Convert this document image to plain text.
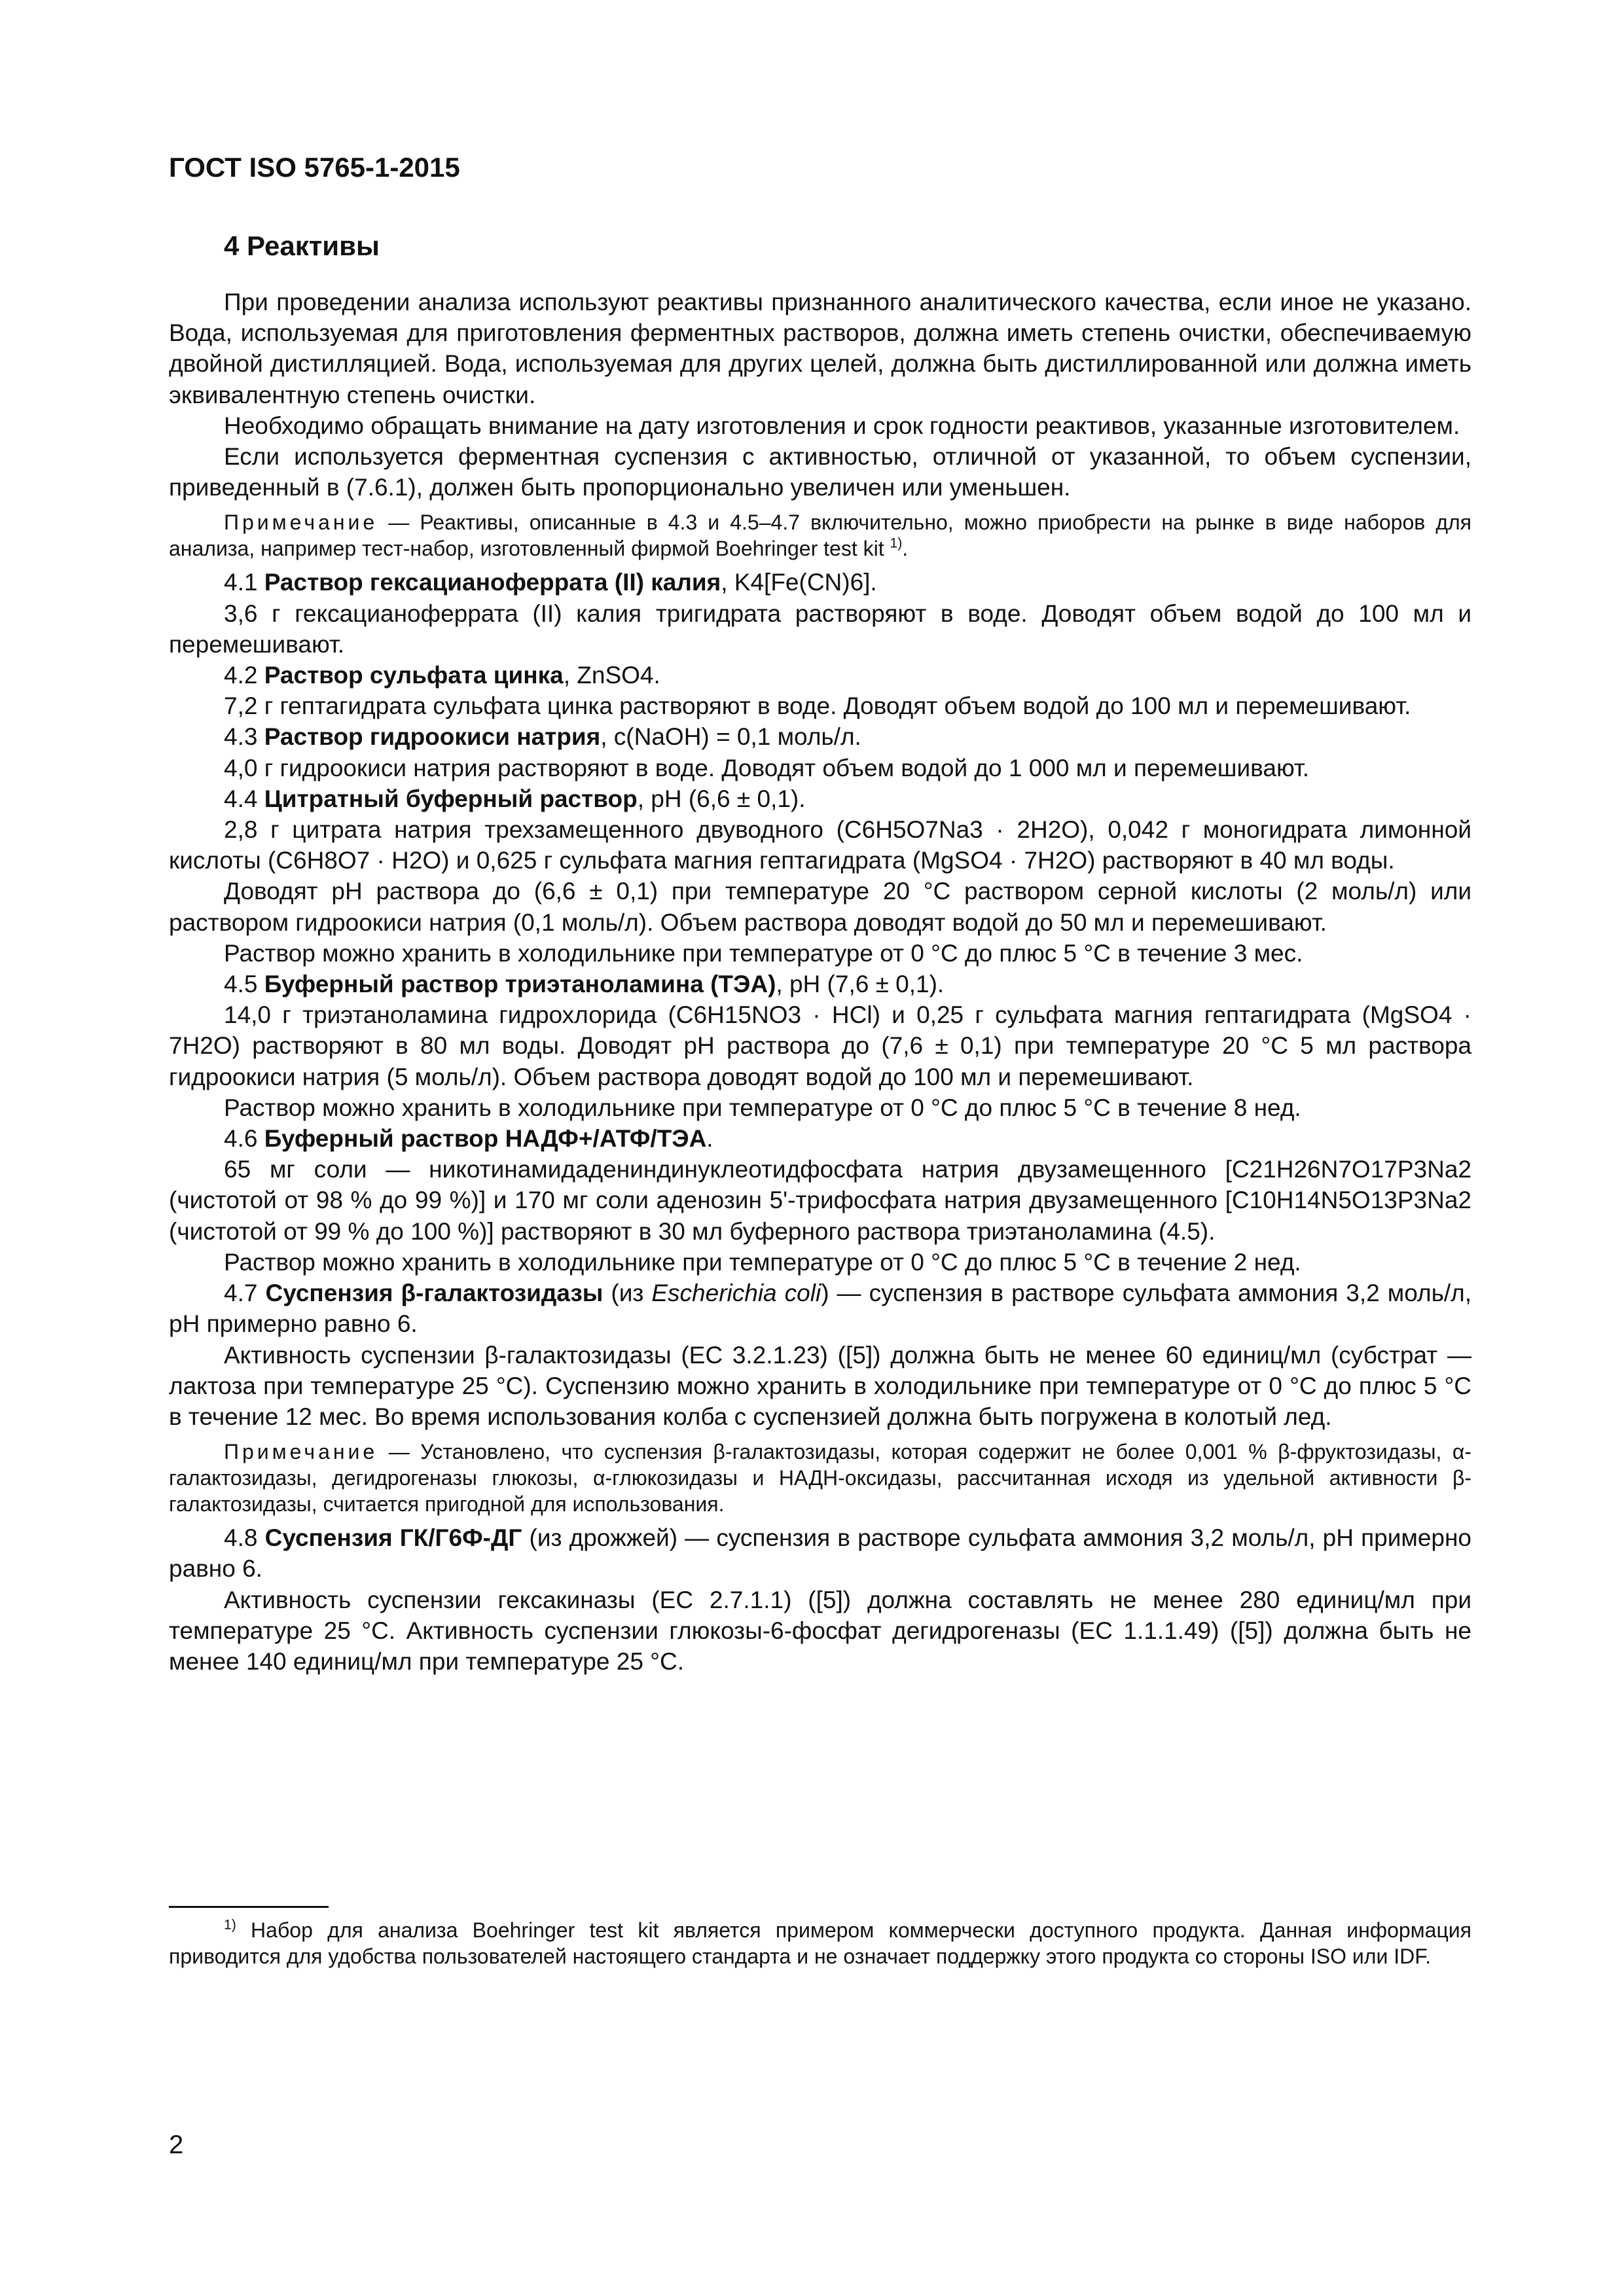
ГОСТ ISO 5765-1-2015
4 Реактивы

При проведении анализа используют реактивы признанного аналитического качества, если иное не указано. Вода, используемая для приготовления ферментных растворов, должна иметь степень очистки, обеспечиваемую двойной дистилляцией. Вода, используемая для других целей, должна быть дистиллированной или должна иметь эквивалентную степень очистки.

Необходимо обращать внимание на дату изготовления и срок годности реактивов, указанные изготовителем.

Если используется ферментная суспензия с активностью, отличной от указанной, то объем суспензии, приведенный в (7.6.1), должен быть пропорционально увеличен или уменьшен.

Примечание — Реактивы, описанные в 4.3 и 4.5–4.7 включительно, можно приобрести на рынке в виде наборов для анализа, например тест-набор, изготовленный фирмой Boehringer test kit $^{1)}$.

4.1 Раствор гексацианоферрата (II) калия, K4[Fe(CN)6].

3,6 г гексацианоферрата (II) калия тригидрата растворяют в воде. Доводят объем водой до 100 мл и перемешивают.

4.2 Раствор сульфата цинка, ZnSO4.

7,2 г гептагидрата сульфата цинка растворяют в воде. Доводят объем водой до 100 мл и перемешивают.

4.3 Раствор гидроокиси натрия, c(NaOH) = 0,1 моль/л.

4,0 г гидроокиси натрия растворяют в воде. Доводят объем водой до 1 000 мл и перемешивают.

4.4 Цитратный буферный раствор, pH (6,6 ± 0,1).

2,8 г цитрата натрия трехзамещенного двуводного (C6H5O7Na3 · 2H2O), 0,042 г моногидрата лимонной кислоты (C6H8O7 · H2O) и 0,625 г сульфата магния гептагидрата (MgSO4 · 7H2O) растворяют в 40 мл воды.

Доводят pH раствора до (6,6 ± 0,1) при температуре 20 °C раствором серной кислоты (2 моль/л) или раствором гидроокиси натрия (0,1 моль/л). Объем раствора доводят водой до 50 мл и перемешивают.

Раствор можно хранить в холодильнике при температуре от 0 °C до плюс 5 °C в течение 3 мес.

4.5 Буферный раствор триэтаноламина (ТЭА), pH (7,6 ± 0,1).

14,0 г триэтаноламина гидрохлорида (C6H15NO3 · HCl) и 0,25 г сульфата магния гептагидрата (MgSO4 · 7H2O) растворяют в 80 мл воды. Доводят pH раствора до (7,6 ± 0,1) при температуре 20 °C 5 мл раствора гидроокиси натрия (5 моль/л). Объем раствора доводят водой до 100 мл и перемешивают.

Раствор можно хранить в холодильнике при температуре от 0 °C до плюс 5 °C в течение 8 нед.

4.6 Буферный раствор НАДФ+/АТФ/ТЭА.

65 мг соли — никотинамидадениндинуклеотидфосфата натрия двузамещенного [C21H26N7O17P3Na2 (чистотой от 98 % до 99 %)] и 170 мг соли аденозин 5'-трифосфата натрия двузамещенного [C10H14N5O13P3Na2 (чистотой от 99 % до 100 %)] растворяют в 30 мл буферного раствора триэтаноламина (4.5).

Раствор можно хранить в холодильнике при температуре от 0 °C до плюс 5 °C в течение 2 нед.

4.7 Суспензия β-галактозидазы (из Escherichia coli) — суспензия в растворе сульфата аммония 3,2 моль/л, pH примерно равно 6.

Активность суспензии β-галактозидазы (EC 3.2.1.23) ([5]) должна быть не менее 60 единиц/мл (субстрат — лактоза при температуре 25 °C). Суспензию можно хранить в холодильнике при температуре от 0 °C до плюс 5 °C в течение 12 мес. Во время использования колба с суспензией должна быть погружена в колотый лед.

Примечание — Установлено, что суспензия β-галактозидазы, которая содержит не более 0,001 % β-фруктозидазы, α-галактозидазы, дегидрогеназы глюкозы, α-глюкозидазы и НАДН-оксидазы, рассчитанная исходя из удельной активности β-галактозидазы, считается пригодной для использования.

4.8 Суспензия ГК/Г6Ф-ДГ (из дрожжей) — суспензия в растворе сульфата аммония 3,2 моль/л, pH примерно равно 6.

Активность суспензии гексакиназы (EC 2.7.1.1) ([5]) должна составлять не менее 280 единиц/мл при температуре 25 °C. Активность суспензии глюкозы-6-фосфат дегидрогеназы (EC 1.1.1.49) ([5]) должна быть не менее 140 единиц/мл при температуре 25 °C.

$^{1)}$ Набор для анализа Boehringer test kit является примером коммерчески доступного продукта. Данная информация приводится для удобства пользователей настоящего стандарта и не означает поддержку этого продукта со стороны ISO или IDF.
2
